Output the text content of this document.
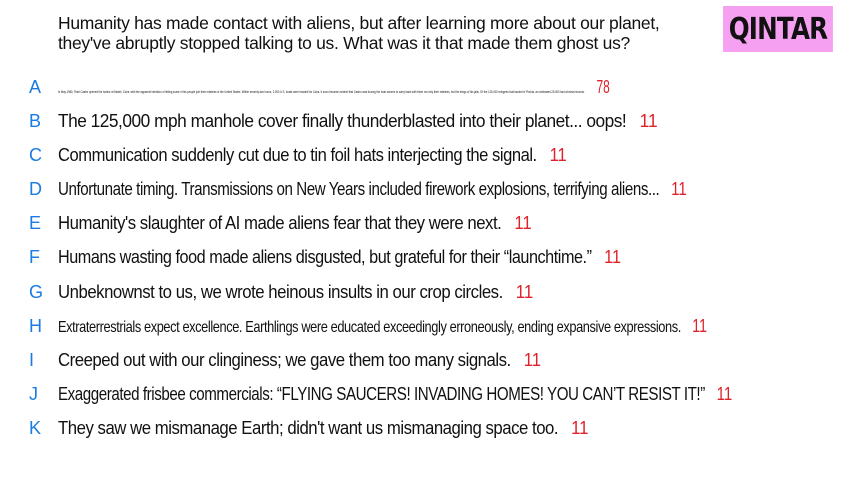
Humanity has made contact with aliens, but after learning more about our planet,
they've abruptly stopped talking to us. What was it that made them ghost us?	QINTAR
A	In May 1980, Fidel Castro opened the harbor at Mariel, Cuba, with the apparent intention of letting some of his people join their relatives in the United States. Within seventy-two hours, 2,000 U.S. boats were headed for Cuba. It soon became evident that Castro was forcing the boat owners to carry back with them not only their relatives, but the dregs of his jails. Of the 125,000 refugees that landed in Florida, an estimated 25,000 had criminal records. 78
B The 125,000 mph manhole cover finally thunderblasted into their planet... oops! 11
C Communication suddenly cut due to tin foil hats interjecting the signal. 11
D Unfortunate timing. Transmissions on New Years included firework explosions, terrifying aliens... 11
E Humanity's slaughter of AI made aliens fear that they were next. 11
F Humans wasting food made aliens disgusted, but grateful for their “launchtime.” 11
G Unbeknownst to us, we wrote heinous insults in our crop circles. 11
H Extraterrestrials expect excellence. Earthlings were educated exceedingly erroneously, ending expansive expressions. 11
I	Creeped out with our clinginess; we gave them too many signals. 11
J	Exaggerated frisbee commercials: “FLYING SAUCERS! INVADING HOMES! YOU CAN’T RESIST IT!” 11
K They saw we mismanage Earth; didn't want us mismanaging space too. 11
